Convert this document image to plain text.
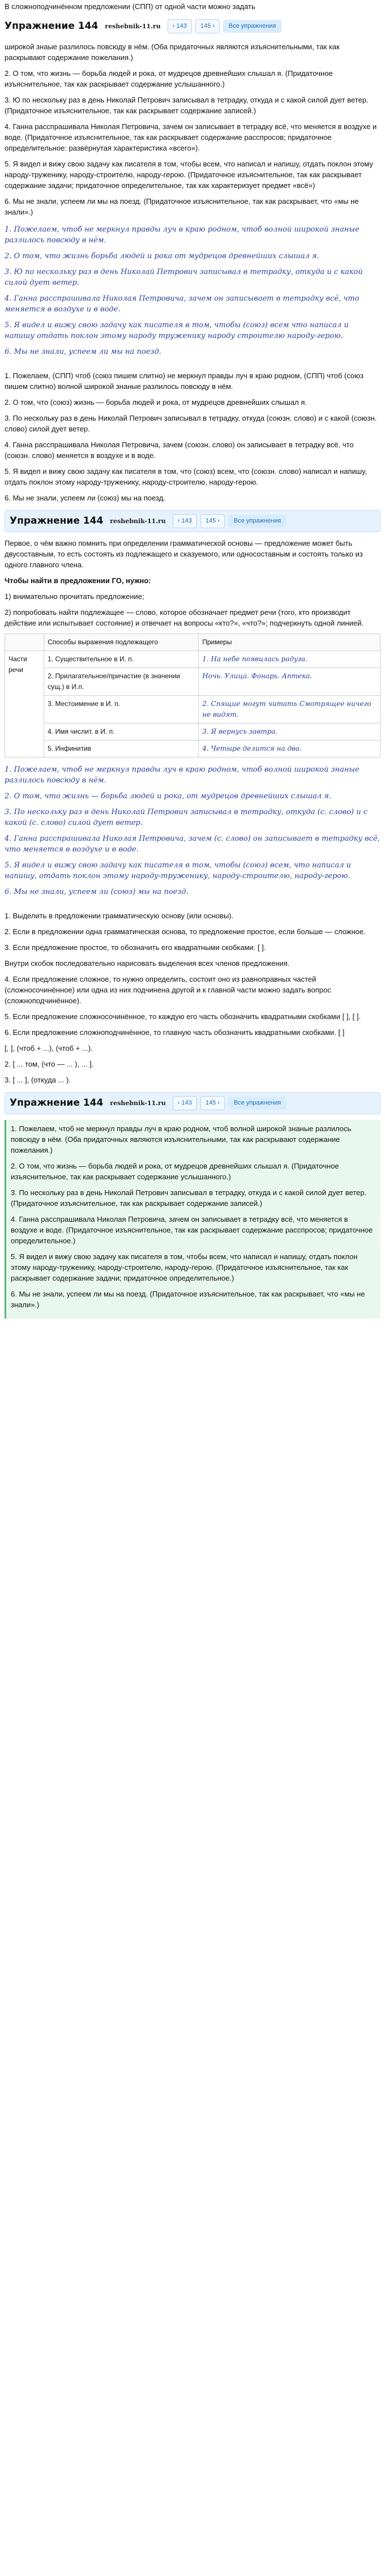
В сложноподчинённом предложении (СПП) от одной части можно задать

Упражнение 144 reshebnik-11.ru ‹ 143 145 ›	Все упражнения

широкой знаые разлилось повсюду в нём. (Оба придаточных являются изъяснительными, так как раскрывают содержание пожелания.)

2. О том, что жизнь — борьба людей и рока, от мудрецов древнейших слышал я. (Придаточное изъяснительное, так как раскрывает содержание услышанного.)

3. Ю по нескольку раз в день Николай Петрович записывал в тетрадку, откуда и с какой силой дует ветер. (Придаточное изъяснительное, так как раскрывает содержание записей.)

4. Ганна расспрашивала Николая Петровича, зачем он записывает в тетрадку всё, что меняется в воздухе и воде. (Придаточное изъяснительное, так как раскрывает содержание расспросов; придаточное определительное: развёрнутая характеристика «всего»).

5. Я видел и вижу свою задачу как писателя в том, чтобы всем, что написал и напишу, отдать поклон этому народу-труженику, народу-строителю, народу-герою. (Придаточное изъяснительное, так как раскрывает содержание задачи; придаточное определительное, так как характеризует предмет «всё»)

6. Мы не знали, успеем ли мы на поезд. (Придаточное изъяснительное, так как раскрывает, что «мы не знали».)

1. Пожелаем, чтоб не меркнул правды луч в краю родном, чтоб волной широкой знаные разлилось повсюду в нём.

2. О том, что жизнь борьба людей и рока от мудрецов древнейших слышал я.

3. Ю по нескольку раз в день Николай Петрович записывал в тетрадку, откуда и с какой силой дует ветер.

4. Ганна расспрашивала Николая Петровича, зачем он записывает в тетрадку всё, что меняется в воздухе и в воде.

5. Я видел и вижу свою задачу как писателя в том, чтобы (союз) всем что написал и напишу отдать поклон этому народу труженику народу строителю народу-герою.

6. Мы не знали, успеем ли мы на поезд.

1. Пожелаем, (СПП) чтоб (союз пишем слитно) не меркнул правды луч в краю родном, (СПП) чтоб (союз пишем слитно) волной широкой знаные разлилось повсюду в нём.

2. О том, что (союз) жизнь — борьба людей и рока, от мудрецов древнейших слышал я.

3. По нескольку раз в день Николай Петрович записывал в тетрадку, откуда (союзн. слово) и с какой (союзн. слово) силой дует ветер.

4. Ганна расспрашивала Николая Петровича, зачем (союзн. слово) он записывает в тетрадку всё, что (союзн. слово) меняется в воздухе и в воде.

5. Я видел и вижу свою задачу как писателя в том, что (союз) всем, что (союзн. слово) написал и напишу, отдать поклон этому народу-труженику, народу-строителю, народу-герою.

6. Мы не знали, успеем ли (союз) мы на поезд.

Упражнение 144 reshebnik-11.ru ‹ 143 145 ›	Все упражнения

Первое, о чём важно помнить при определении грамматической основы — предложение может быть двусоставным, то есть состоять из подлежащего и сказуемого, или односоставным и состоять только из одного главного члена.

Чтобы найти в предложении ГО, нужно:

1) внимательно прочитать предложение;

2) попробовать найти подлежащее — слово, которое обозначает предмет речи (того, кто производит действие или испытывает состояние) и отвечает на вопросы «кто?», «что?»; подчеркнуть одной линией.

	Способы выражения подлежащего	Примеры
Части речи	1. Существительное в И. п.	1. На небе появилась радуга.
	2. Прилагательное/причастие (в значении сущ.) в И.п.	Ночь. Улица. Фонарь. Аптека.
	3. Местоимение в И. п.	2. Спящие могут читать Смотрящее ничего не видят.
	4. Имя числит. в И. п.	3. Я вернусь завтра.
	5. Инфинитив	4. Четыре делится на два.

1. Пожелаем, чтоб не меркнул правды луч в краю родном, чтоб волной широкой знаные разлилось повсюду в нём.

2. О том, что жизнь — борьба людей и рока, от мудрецов древнейших слышал я.

3. По нескольку раз в день Николай Петрович записывал в тетрадку, откуда (с. слово) и с какой (с. слово) силой дует ветер.

4. Ганна расспрашивала Николая Петровича, зачем (с. слово) он записывает в тетрадку всё, что меняется в воздухе и в воде.

5. Я видел и вижу свою задачу как писателя в том, чтобы (союз) всем, что написал и напишу, отдать поклон этому народу-труженику, народу-строителю, народу-герою.

6. Мы не знали, успеем ли (союз) мы на поезд.

1. Выделить в предложении грамматическую основу (или основы).

2. Если в предложении одна грамматическая основа, то предложение простое, если больше — сложное.

3. Если предложение простое, то обозначить его квадратными скобками. [ ].

Внутри скобок последовательно нарисовать выделения всех членов предложения.

4. Если предложение сложное, то нужно определить, состоит оно из равноправных частей (сложносочинённое) или одна из них подчинена другой и к главной части можно задать вопрос (сложноподчинённое).

5. Если предложение сложносочинённое, то каждую его часть обозначить квадратными скобками [ ], [ ].

6. Если предложение сложноподчинённое, то главную часть обозначить квадратными скобками. [ ]

[, ], (чтоб + ...), (чтоб + ...).

2. [ ... том, (что — ... ), ... ].

3. [ ... ], (откуда ... ).

Упражнение 144 reshebnik-11.ru ‹ 143 145 ›	Все упражнения

1. Пожелаем, чтоб не меркнул правды луч в краю родном, чтоб волной широкой знаные разлилось повсюду в нём. (Оба придаточных являются изъяснительными, так как раскрывают содержание пожелания.)

2. О том, что жизнь — борьба людей и рока, от мудрецов древнейших слышал я. (Придаточное изъяснительное, так как раскрывает содержание услышанного.)

3. По нескольку раз в день Николай Петрович записывал в тетрадку, откуда и с какой силой дует ветер. (Придаточное изъяснительное, так как раскрывает содержание записей.)

4. Ганна расспрашивала Николая Петровича, зачем он записывает в тетрадку всё, что меняется в воздухе и воде. (Придаточное изъяснительное, так как раскрывает содержание расспросов; придаточное определительное.)

5. Я видел и вижу свою задачу как писателя в том, чтобы всем, что написал и напишу, отдать поклон этому народу-труженику, народу-строителю, народу-герою. (Придаточное изъяснительное, так как раскрывает содержание задачи; придаточное определительное.)

6. Мы не знали, успеем ли мы на поезд. (Придаточное изъяснительное, так как раскрывает, что «мы не знали».)
